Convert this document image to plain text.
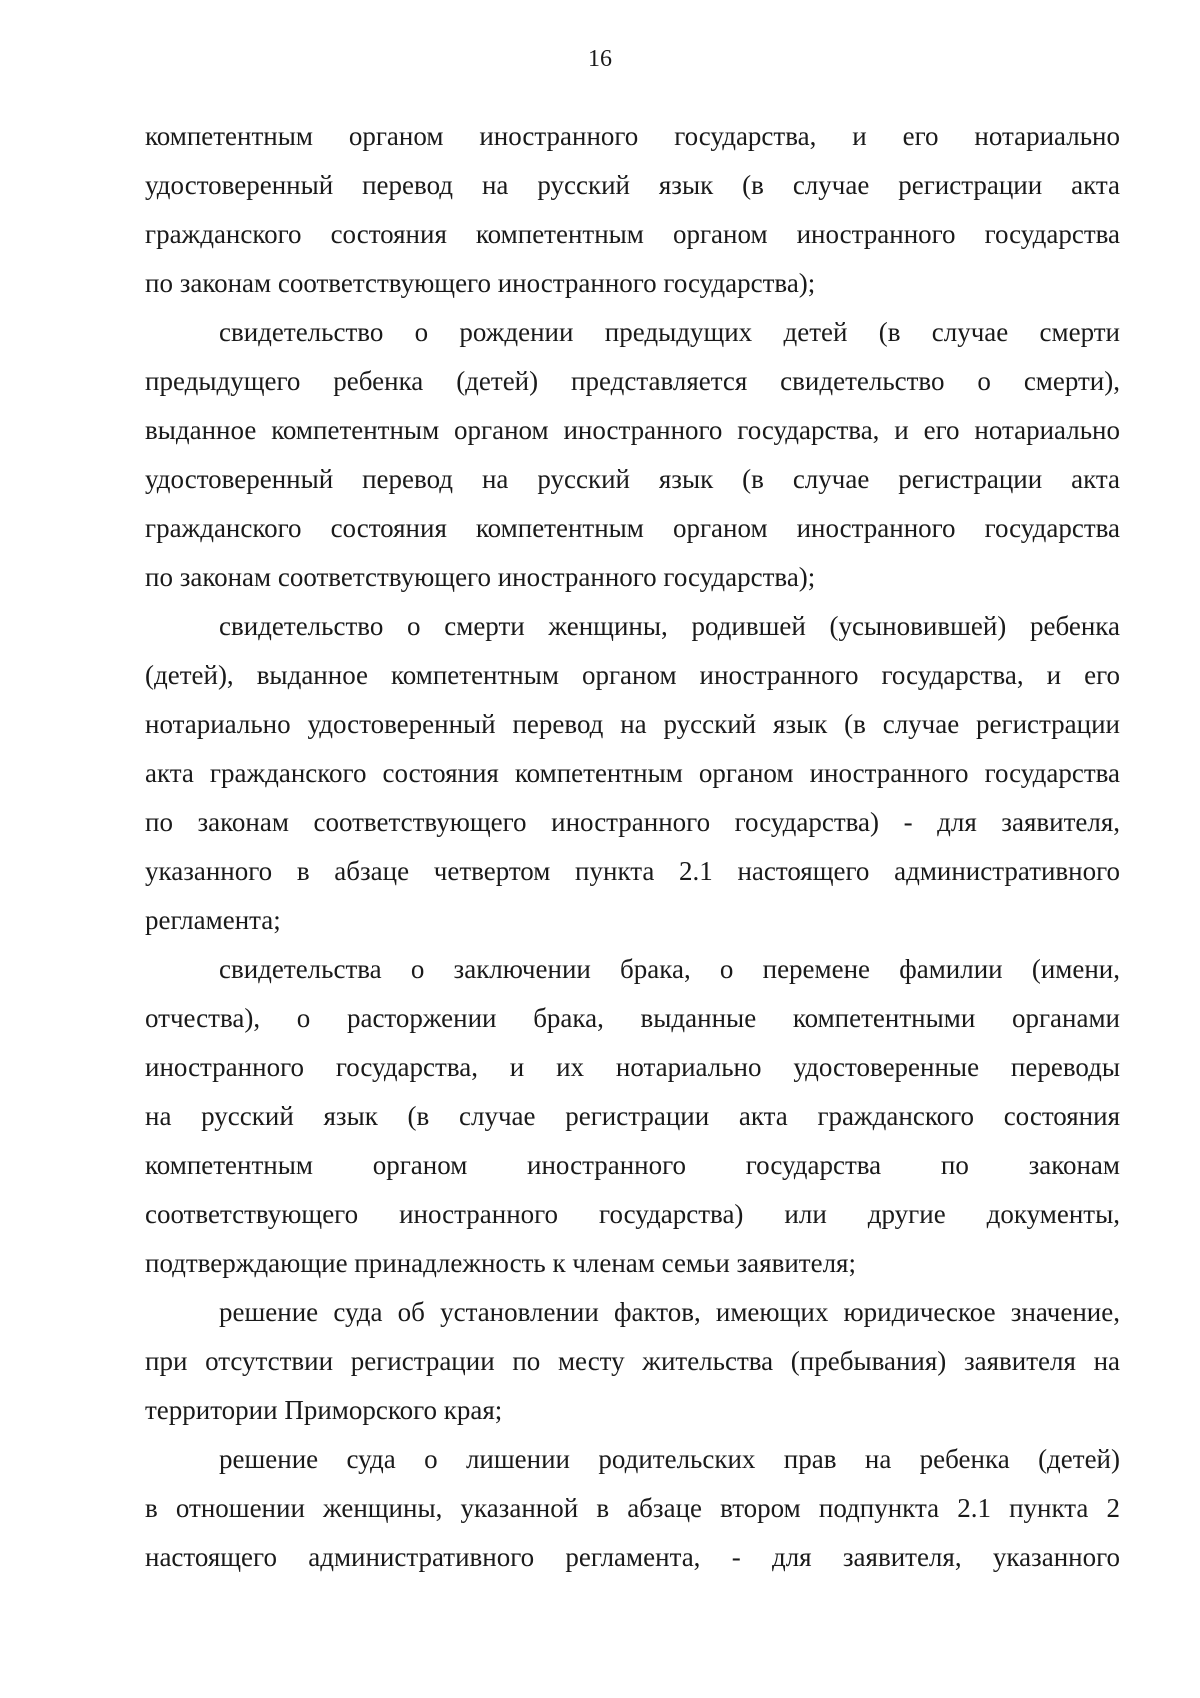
16
компетентным органом иностранного государства, и его нотариально
удостоверенный перевод на русский язык (в случае регистрации акта
гражданского состояния компетентным органом иностранного государства
по законам соответствующего иностранного государства);
свидетельство о рождении предыдущих детей (в случае смерти
предыдущего ребенка (детей) представляется свидетельство о смерти),
выданное компетентным органом иностранного государства, и его нотариально
удостоверенный перевод на русский язык (в случае регистрации акта
гражданского состояния компетентным органом иностранного государства
по законам соответствующего иностранного государства);
свидетельство о смерти женщины, родившей (усыновившей) ребенка
(детей), выданное компетентным органом иностранного государства, и его
нотариально удостоверенный перевод на русский язык (в случае регистрации
акта гражданского состояния компетентным органом иностранного государства
по законам соответствующего иностранного государства) - для заявителя,
указанного в абзаце четвертом пункта 2.1 настоящего административного
регламента;
свидетельства о заключении брака, о перемене фамилии (имени,
отчества), о расторжении брака, выданные компетентными органами
иностранного государства, и их нотариально удостоверенные переводы
на русский язык (в случае регистрации акта гражданского состояния
компетентным органом иностранного государства по законам
соответствующего иностранного государства) или другие документы,
подтверждающие принадлежность к членам семьи заявителя;
решение суда об установлении фактов, имеющих юридическое значение,
при отсутствии регистрации по месту жительства (пребывания) заявителя на
территории Приморского края;
решение суда о лишении родительских прав на ребенка (детей)
в отношении женщины, указанной в абзаце втором подпункта 2.1 пункта 2
настоящего административного регламента, - для заявителя, указанного
